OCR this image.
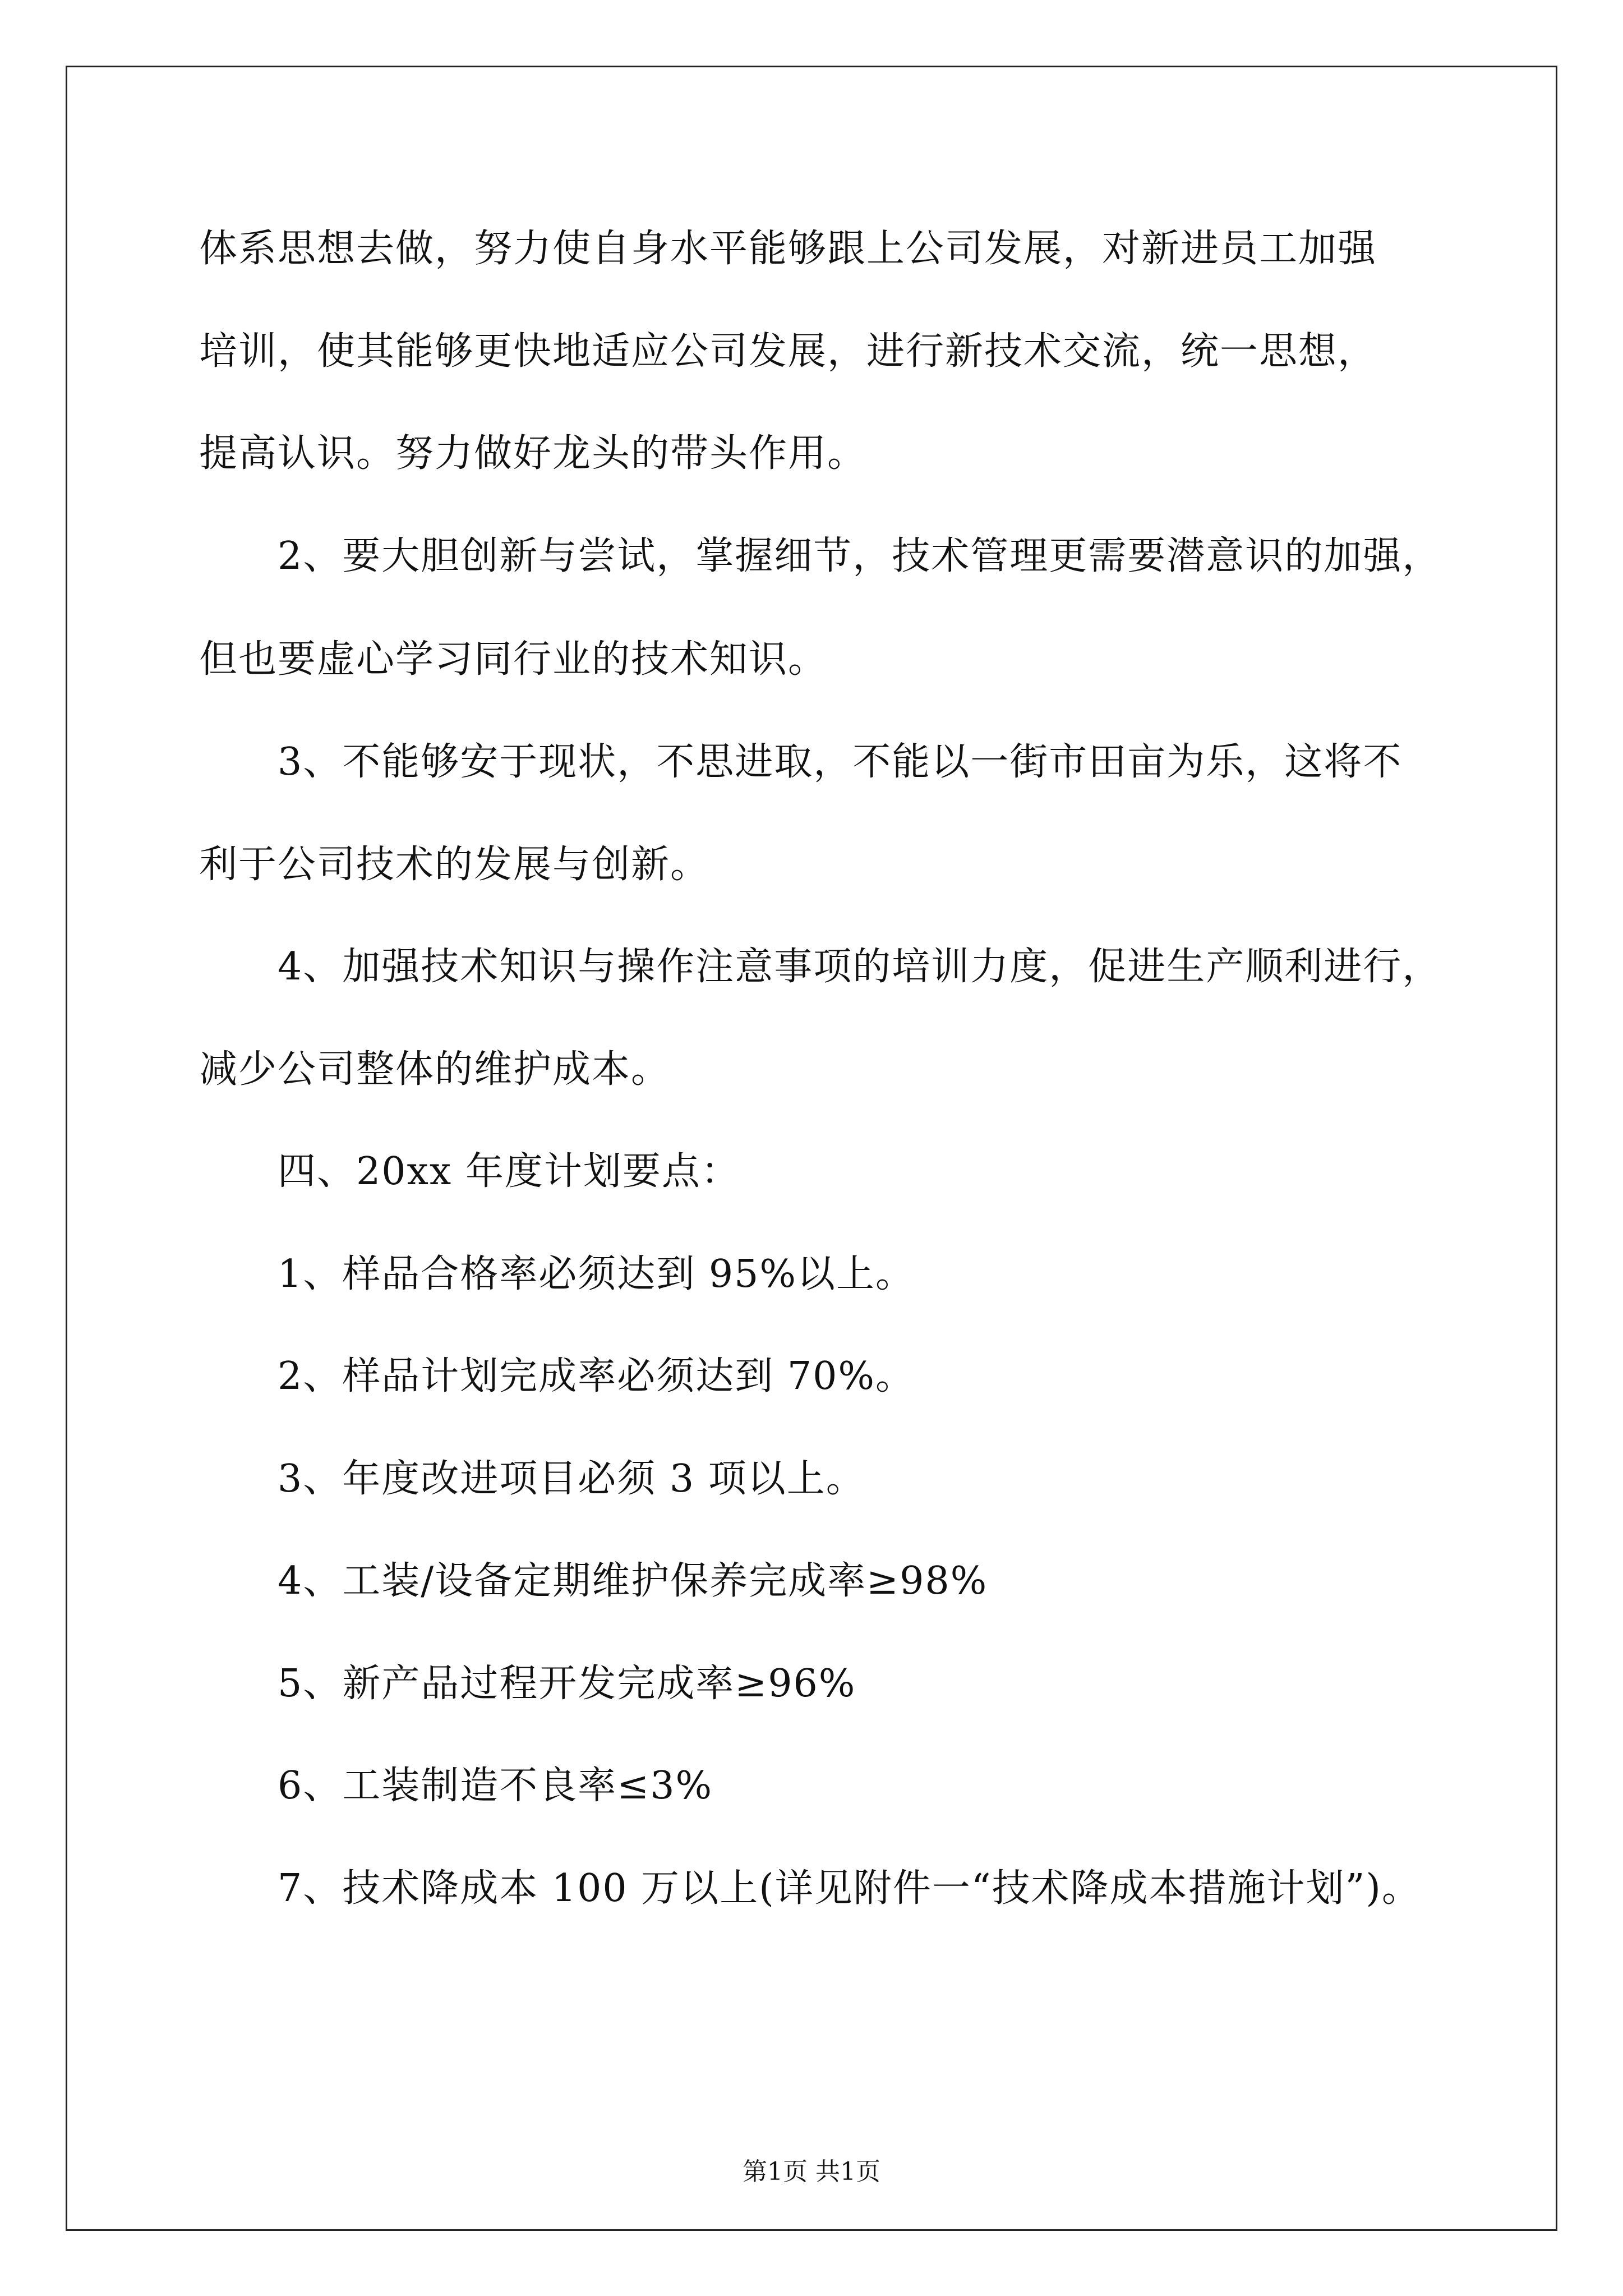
体系思想去做，努力使自身水平能够跟上公司发展，对新进员工加强
培训，使其能够更快地适应公司发展，进行新技术交流，统一思想，
提高认识。努力做好龙头的带头作用。
2、要大胆创新与尝试，掌握细节，技术管理更需要潜意识的加强，
但也要虚心学习同行业的技术知识。
3、不能够安于现状，不思进取，不能以一街市田亩为乐，这将不
利于公司技术的发展与创新。
4、加强技术知识与操作注意事项的培训力度，促进生产顺利进行，
减少公司整体的维护成本。
四、20xx 年度计划要点：
1、样品合格率必须达到 95%以上。
2、样品计划完成率必须达到 70%。
3、年度改进项目必须 3 项以上。
4、工装/设备定期维护保养完成率≥98%
5、新产品过程开发完成率≥96%
6、工装制造不良率≤3%
7、技术降成本 100 万以上(详见附件一“技术降成本措施计划”)。
第1页 共1页
